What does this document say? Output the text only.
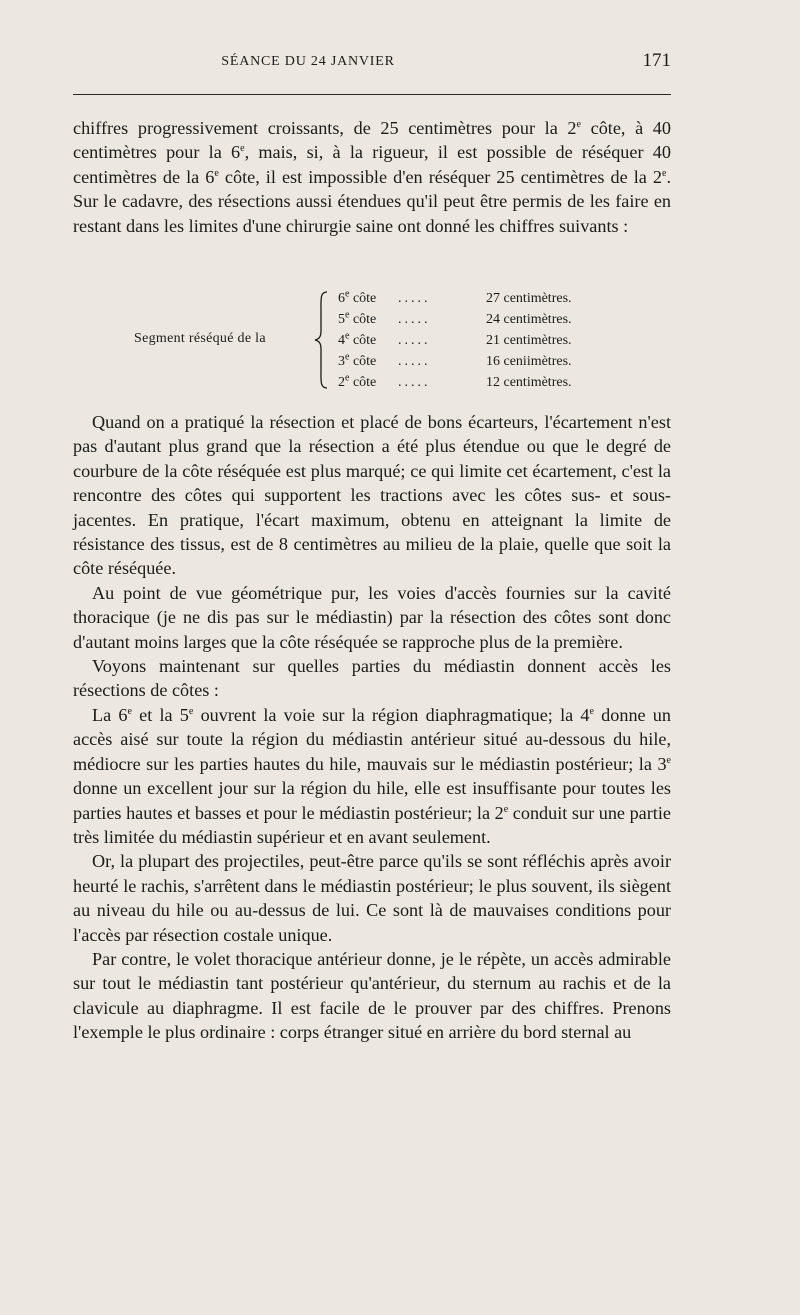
SÉANCE DU 24 JANVIER	171

chiffres progressivement croissants, de 25 centimètres pour la 2e côte, à 40 centimètres pour la 6e, mais, si, à la rigueur, il est possible de réséquer 40 centimètres de la 6e côte, il est impossible d'en réséquer 25 centimètres de la 2e. Sur le cadavre, des résections aussi étendues qu'il peut être permis de les faire en restant dans les limites d'une chirurgie saine ont donné les chiffres suivants :

Segment réséqué de la
6e côte .....	27 centimètres.
5e côte .....	24 centimètres.
4e côte .....	21 centimètres.
3e côte .....	16 ceniimètres.
2e côte .....	12 centimètres.

Quand on a pratiqué la résection et placé de bons écarteurs, l'écartement n'est pas d'autant plus grand que la résection a été plus étendue ou que le degré de courbure de la côte réséquée est plus marqué; ce qui limite cet écartement, c'est la rencontre des côtes qui supportent les tractions avec les côtes sus- et sous-jacentes. En pratique, l'écart maximum, obtenu en atteignant la limite de résistance des tissus, est de 8 centimètres au milieu de la plaie, quelle que soit la côte réséquée.

Au point de vue géométrique pur, les voies d'accès fournies sur la cavité thoracique (je ne dis pas sur le médiastin) par la résection des côtes sont donc d'autant moins larges que la côte réséquée se rapproche plus de la première.

Voyons maintenant sur quelles parties du médiastin donnent accès les résections de côtes :

La 6e et la 5e ouvrent la voie sur la région diaphragmatique; la 4e donne un accès aisé sur toute la région du médiastin antérieur situé au-dessous du hile, médiocre sur les parties hautes du hile, mauvais sur le médiastin postérieur; la 3e donne un excellent jour sur la région du hile, elle est insuffisante pour toutes les parties hautes et basses et pour le médiastin postérieur; la 2e conduit sur une partie très limitée du médiastin supérieur et en avant seulement.

Or, la plupart des projectiles, peut-être parce qu'ils se sont réfléchis après avoir heurté le rachis, s'arrêtent dans le médiastin postérieur; le plus souvent, ils siègent au niveau du hile ou au-dessus de lui. Ce sont là de mauvaises conditions pour l'accès par résection costale unique.

Par contre, le volet thoracique antérieur donne, je le répète, un accès admirable sur tout le médiastin tant postérieur qu'antérieur, du sternum au rachis et de la clavicule au diaphragme. Il est facile de le prouver par des chiffres. Prenons l'exemple le plus ordinaire : corps étranger situé en arrière du bord sternal au
